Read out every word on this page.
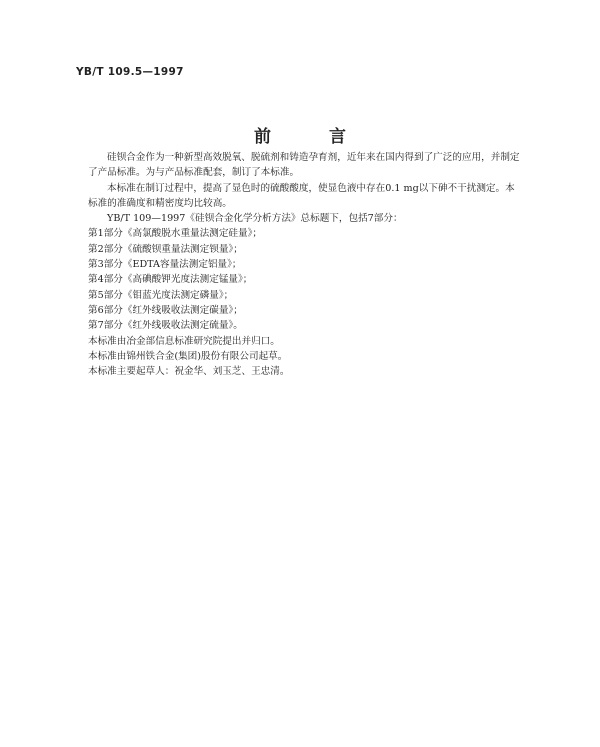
YB/T 109.5—1997
前 言

硅钡合金作为一种新型高效脱氧、脱硫剂和铸造孕育剂，近年来在国内得到了广泛的应用，并制定了产品标准。为与产品标准配套，制订了本标准。

本标准在制订过程中，提高了显色时的硫酸酸度，使显色液中存在0.1 mg以下砷不干扰测定。本标准的准确度和精密度均比较高。

YB/T 109—1997《硅钡合金化学分析方法》总标题下，包括7部分：

第1部分《高氯酸脱水重量法测定硅量》；
第2部分《硫酸钡重量法测定钡量》；
第3部分《EDTA容量法测定铝量》；
第4部分《高碘酸钾光度法测定锰量》；
第5部分《钼蓝光度法测定磷量》；
第6部分《红外线吸收法测定碳量》；
第7部分《红外线吸收法测定硫量》。
本标准由冶金部信息标准研究院提出并归口。
本标准由锦州铁合金(集团)股份有限公司起草。
本标准主要起草人：祝金华、刘玉芝、王忠清。
